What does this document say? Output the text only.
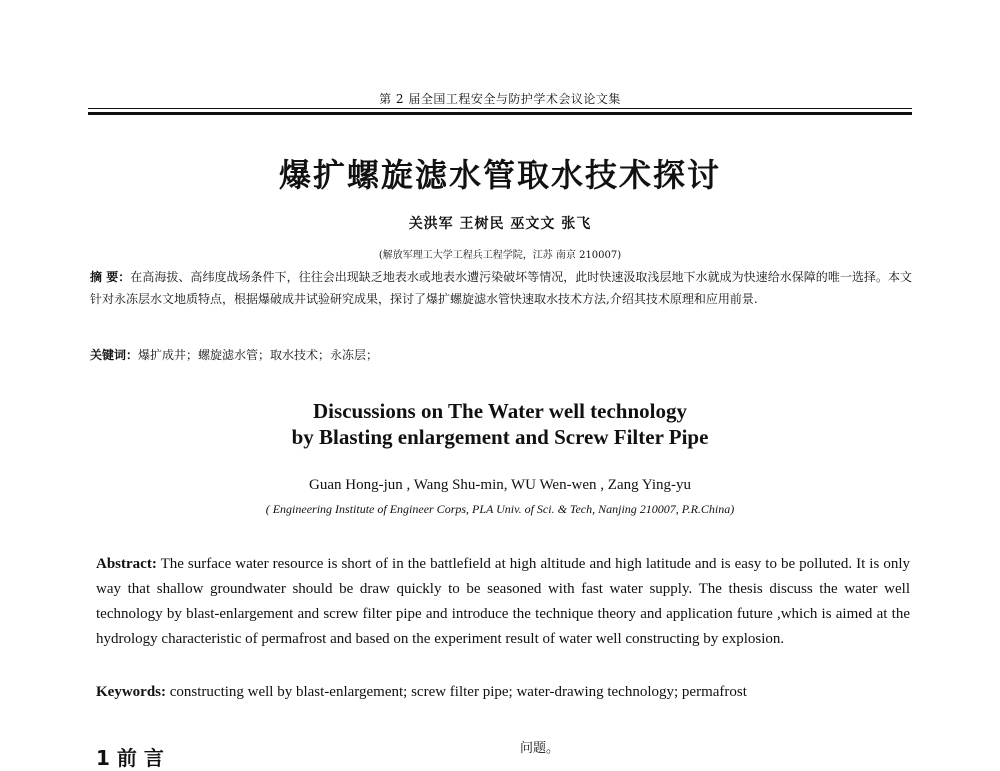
第 2 届全国工程安全与防护学术会议论文集
爆扩螺旋滤水管取水技术探讨
关洪军 王树民 巫文文 张飞
(解放军理工大学工程兵工程学院，江苏 南京 210007)
摘 要：在高海拔、高纬度战场条件下，往往会出现缺乏地表水或地表水遭污染破坏等情况，此时快速汲取浅层地下水就成为快速给水保障的唯一选择。本文针对永冻层水文地质特点，根据爆破成井试验研究成果，探讨了爆扩螺旋滤水管快速取水技术方法,介绍其技术原理和应用前景.
关键词：爆扩成井；螺旋滤水管；取水技术；永冻层；
Discussions on The Water well technology
by Blasting enlargement and Screw Filter Pipe
Guan Hong-jun , Wang Shu-min, WU Wen-wen , Zang Ying-yu
( Engineering Institute of Engineer Corps, PLA Univ. of Sci. & Tech, Nanjing 210007, P.R.China)
Abstract: The surface water resource is short of in the battlefield at high altitude and high latitude and is easy to be polluted. It is only way that shallow groundwater should be draw quickly to be seasoned with fast water supply. The thesis discuss the water well technology by blast-enlargement and screw filter pipe and introduce the technique theory and application future ,which is aimed at the hydrology characteristic of permafrost and based on the experiment result of water well constructing by explosion.
Keywords: constructing well by blast-enlargement; screw filter pipe; water-drawing technology; permafrost
1 前 言	问题。
